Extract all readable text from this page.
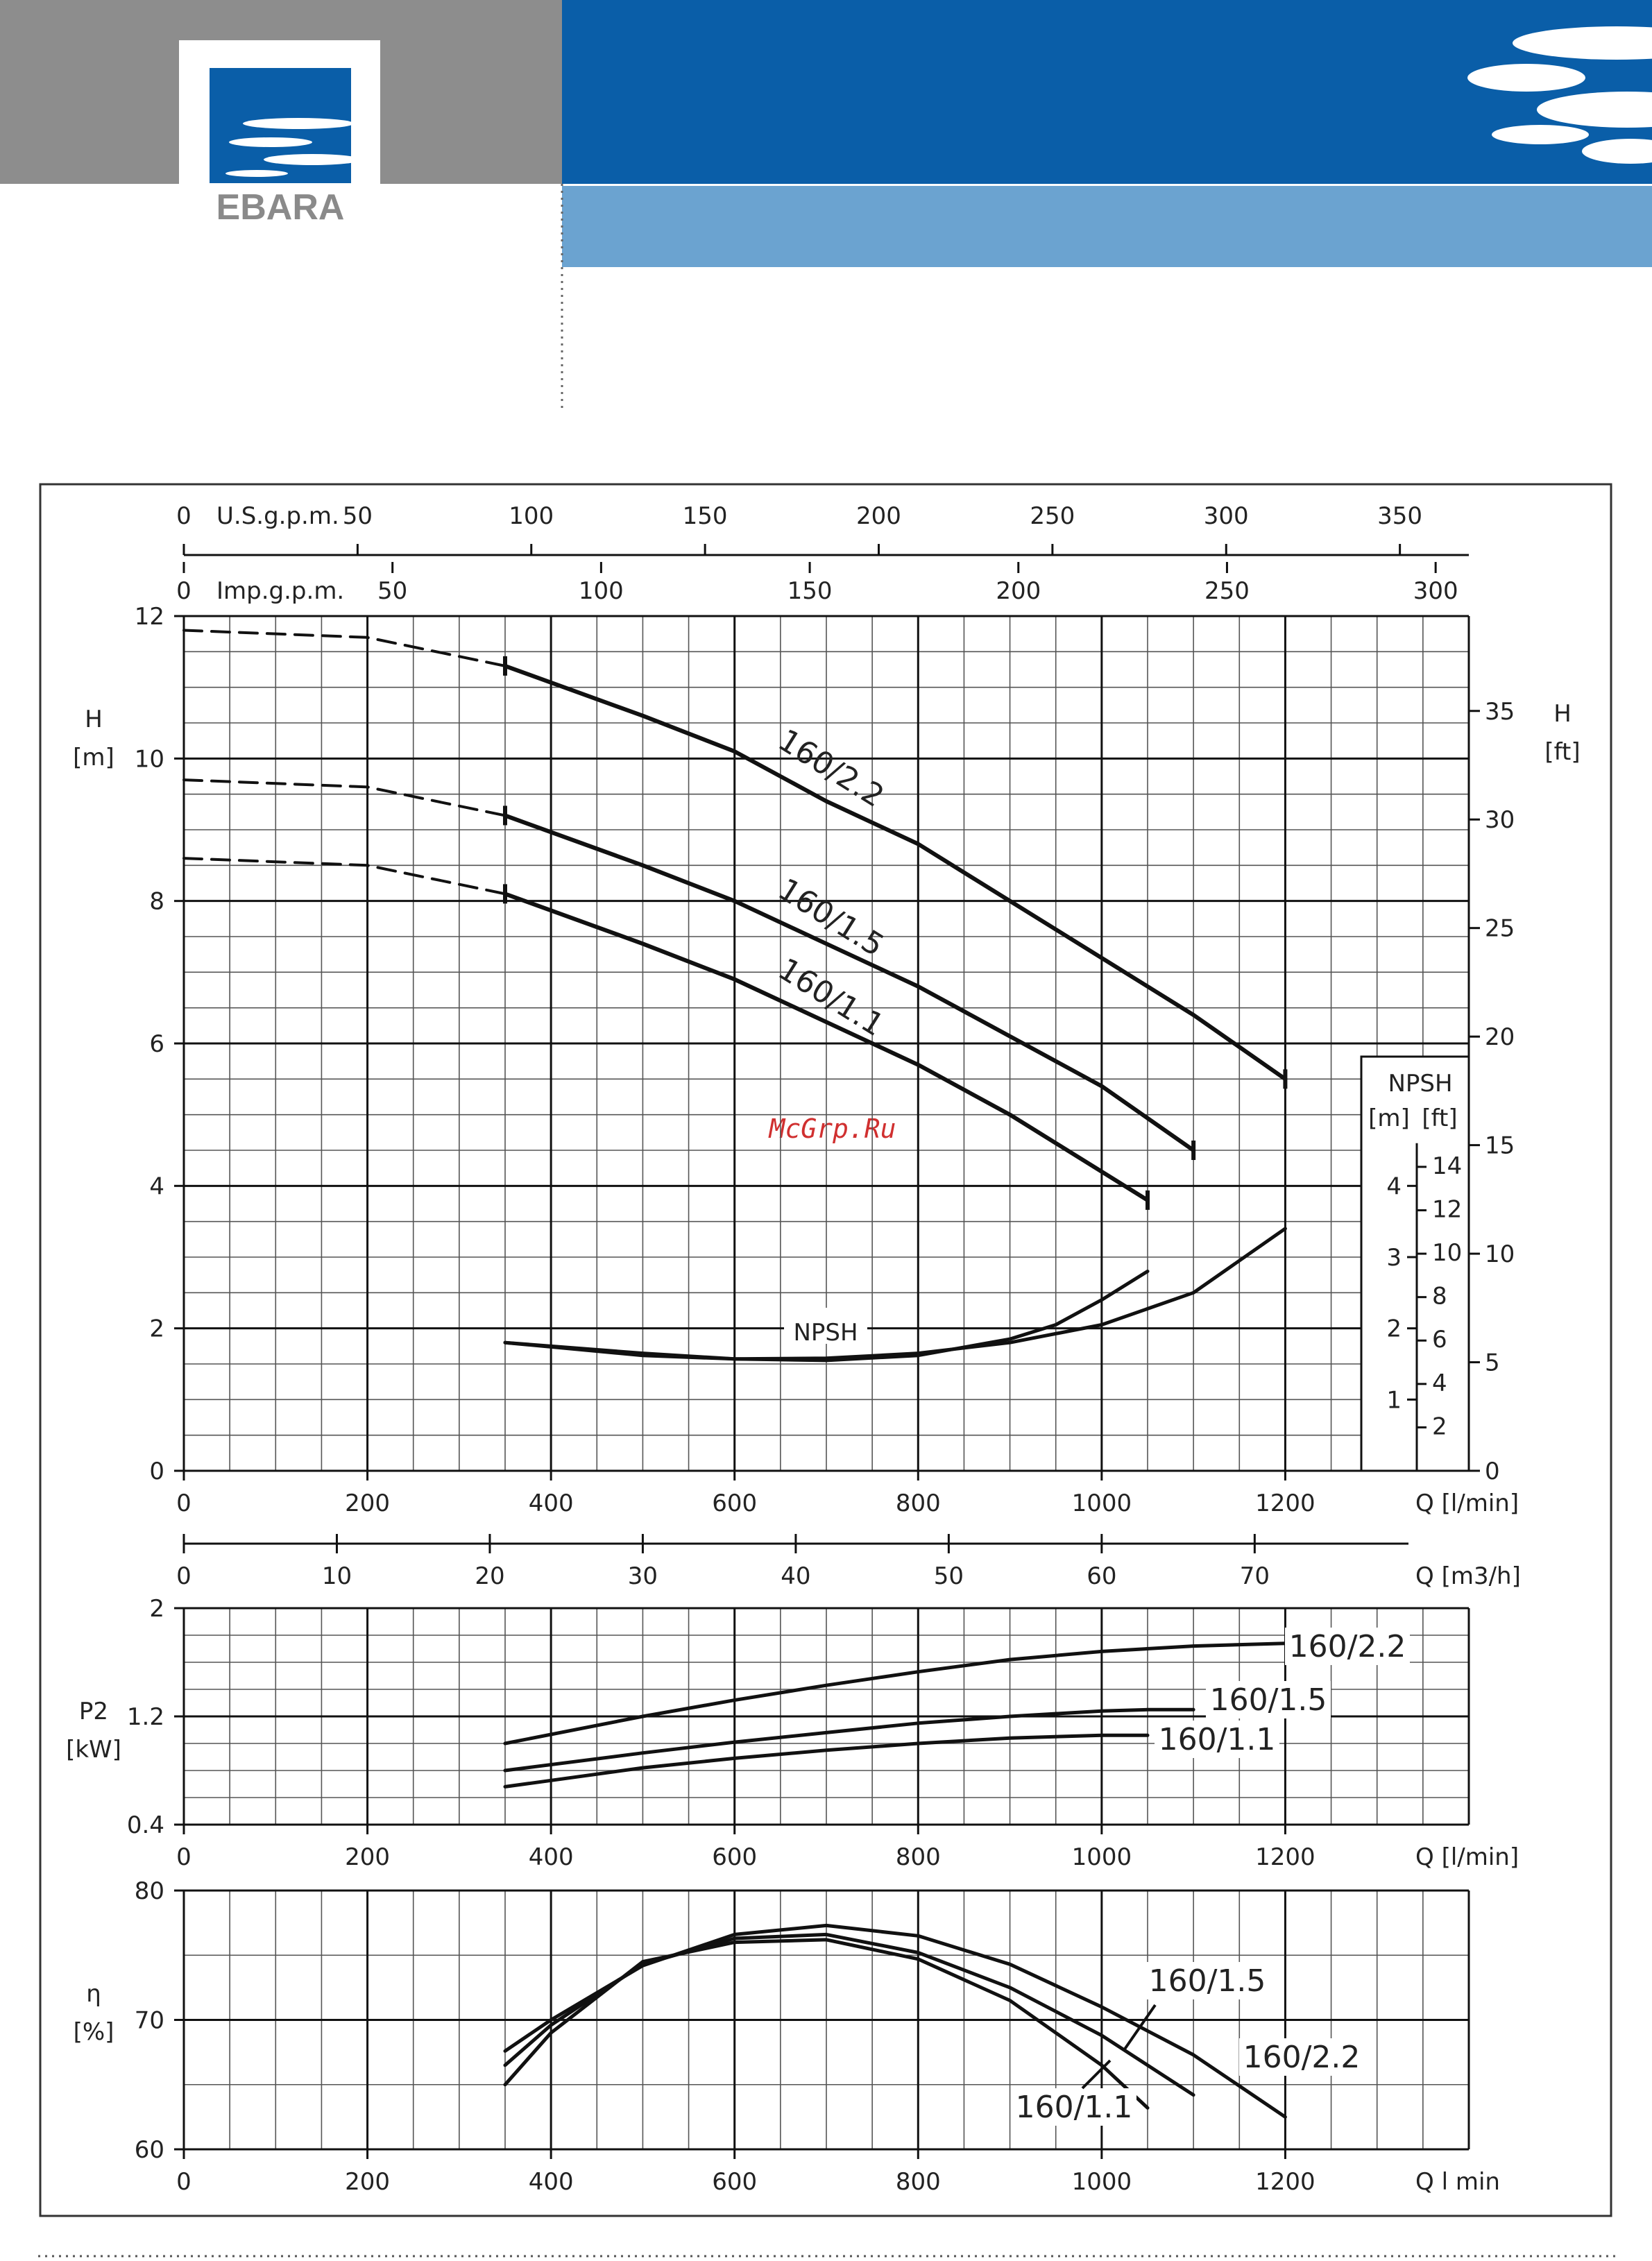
EBARA
McGrp.Ru
0
2
4
6
8
10
12
0	200	400	600	800	1000	1200	Q [l/min]
0	50	100	150	200	250	300	350
U.S.g.p.m.
0	50	100	150	200	250	300
Imp.g.p.m.
0
5
10
15
20
25
30
35
0	10	20	30	40	50	60	70	Q [m3/h]
NPSH
[m] [ft]
1
2
3
4
2
4
6
8
10
12
14
0.4
1.2
2
0	200	400	600	800	1000	1200	Q [l/min]
60
70
80
0	200	400	600	800	1000	1200	Q l min
H
[m]
H
[ft]
160/2.2
160/1.5
160/1.1
NPSH
P2
[kW]
160/2.2
160/1.5
160/1.1
η
[%]
160/2.2
160/1.5
160/1.1
